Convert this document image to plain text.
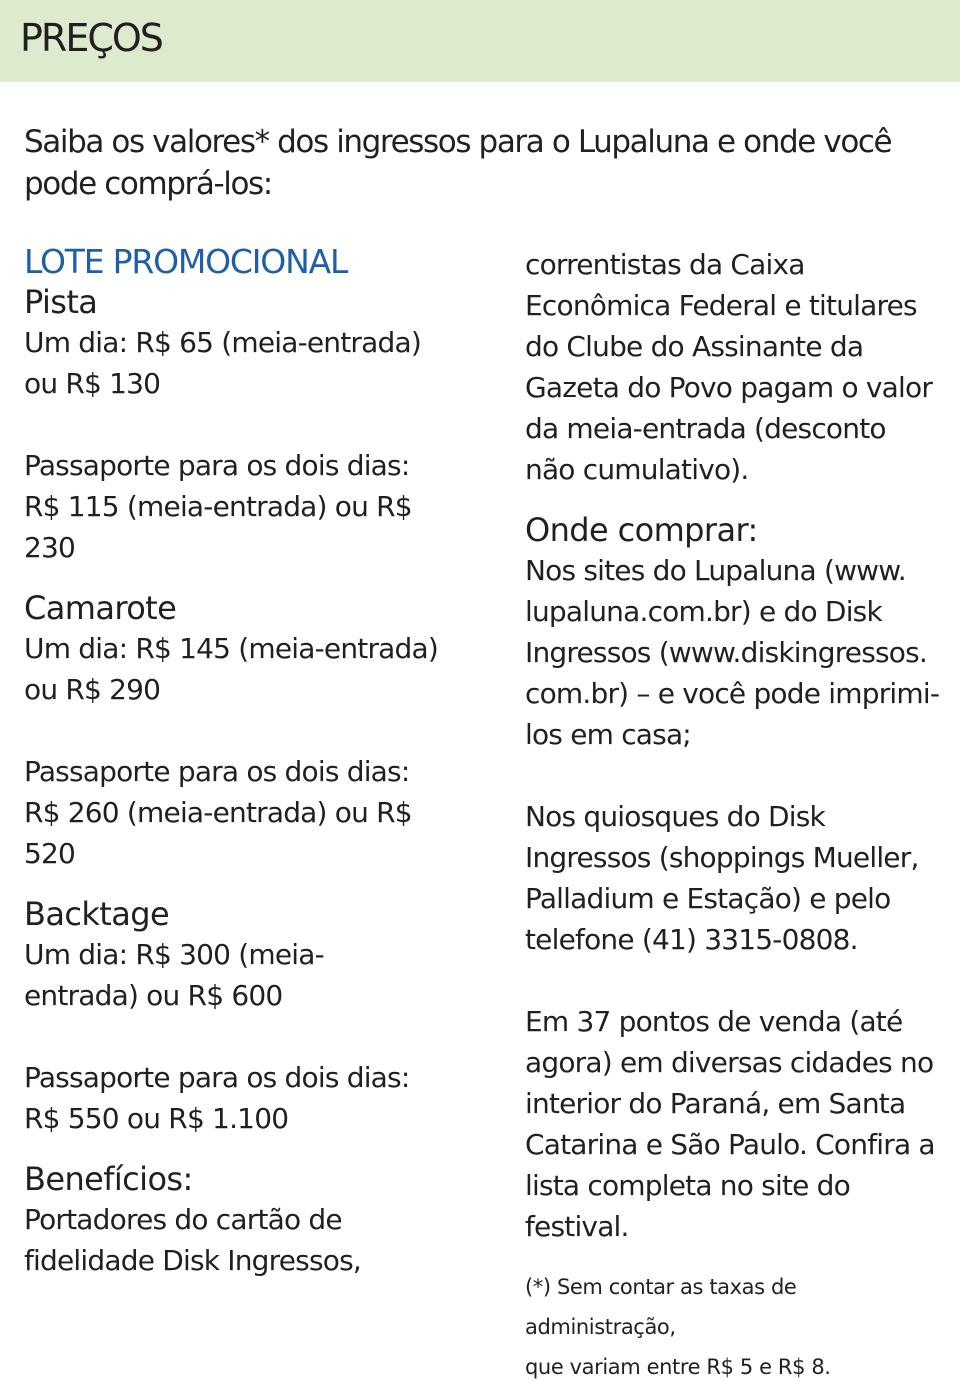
PREÇOS
Saiba os valores* dos ingressos para o Lupaluna e onde você pode comprá-los:

LOTE PROMOCIONAL

Pista

Um dia: R$ 65 (meia-entrada)

ou R$ 130

Passaporte para os dois dias:

R$ 115 (meia-entrada) ou R$

230

Camarote

Um dia: R$ 145 (meia-entrada)

ou R$ 290

Passaporte para os dois dias:

R$ 260 (meia-entrada) ou R$

520

Backtage

Um dia: R$ 300 (meia-

entrada) ou R$ 600

Passaporte para os dois dias:

R$ 550 ou R$ 1.100

Benefícios:

Portadores do cartão de

fidelidade Disk Ingressos,

correntistas da Caixa

Econômica Federal e titulares

do Clube do Assinante da

Gazeta do Povo pagam o valor

da meia-entrada (desconto

não cumulativo).

Onde comprar:

Nos sites do Lupaluna (www.

lupaluna.com.br) e do Disk

Ingressos (www.diskingressos.

com.br) – e você pode imprimi-

los em casa;

Nos quiosques do Disk

Ingressos (shoppings Mueller,

Palladium e Estação) e pelo

telefone (41) 3315-0808.

Em 37 pontos de venda (até

agora) em diversas cidades no

interior do Paraná, em Santa

Catarina e São Paulo. Confira a

lista completa no site do festival.

(*) Sem contar as taxas de administração,

que variam entre R$ 5 e R$ 8.
